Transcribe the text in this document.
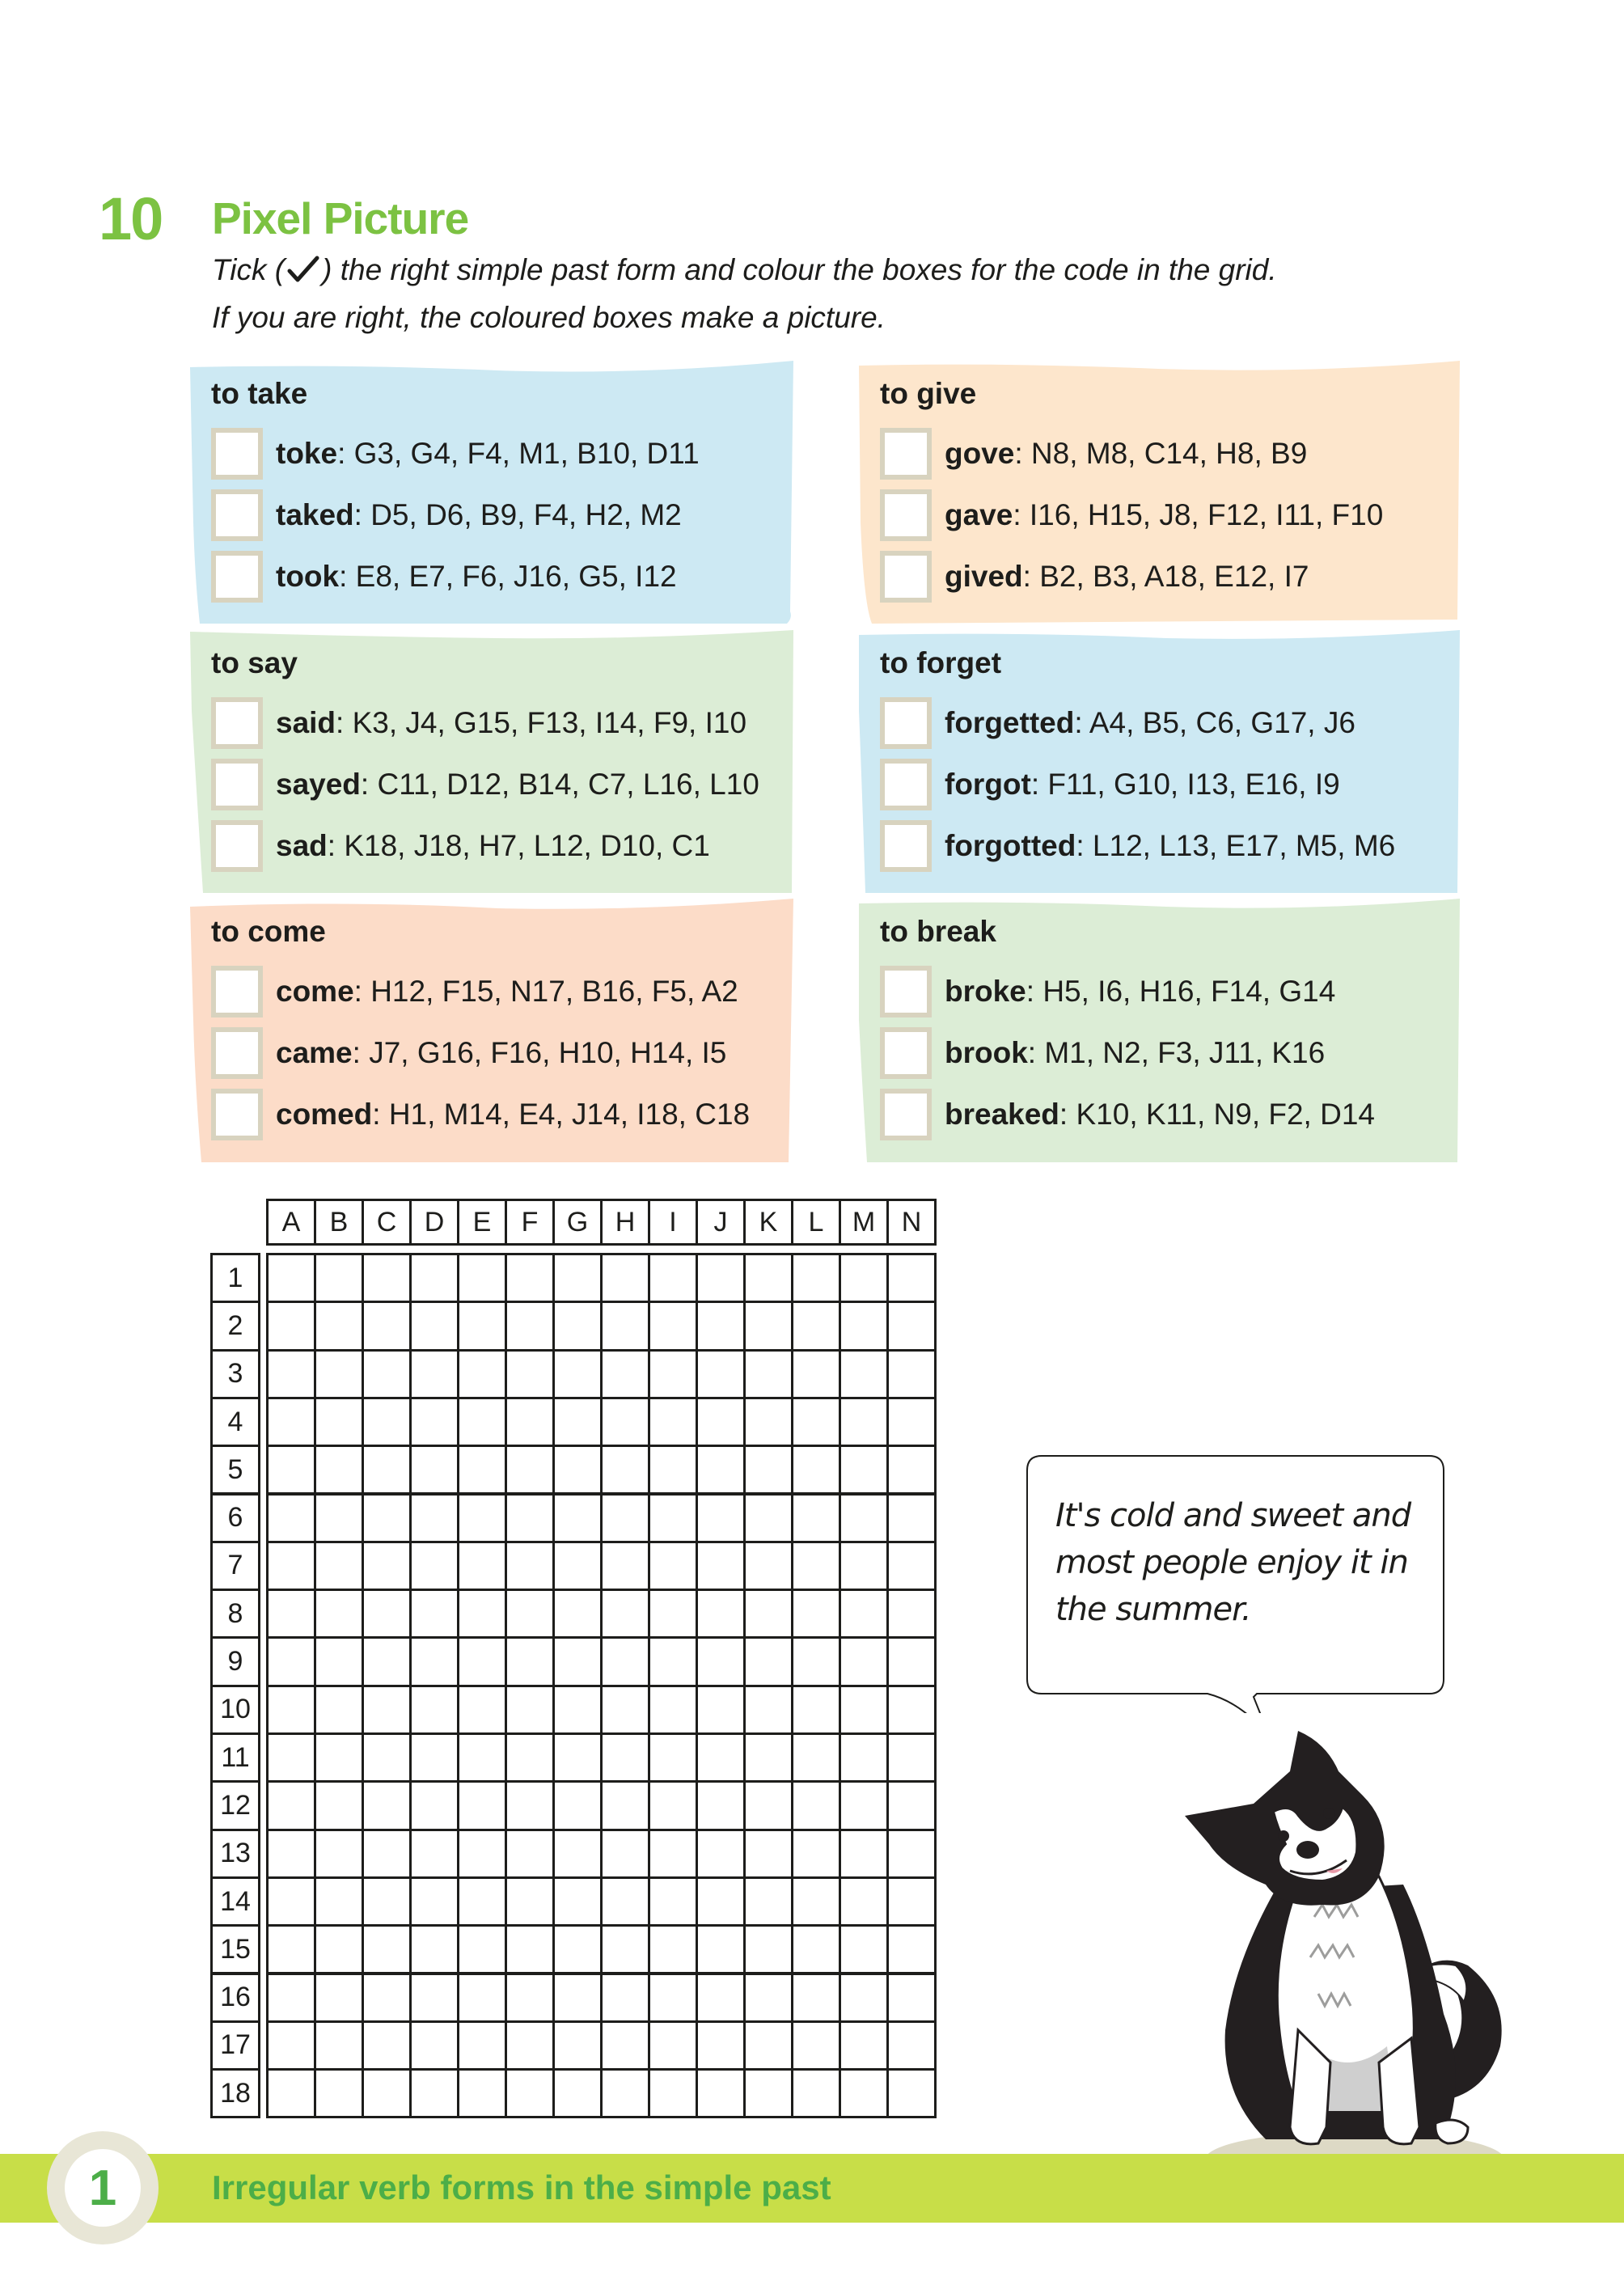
10 Pixel Picture
Tick ( ) the right simple past form and colour the boxes for the code in the grid.
If you are right, the coloured boxes make a picture.
to take
toke: G3, G4, F4, M1, B10, D11
taked: D5, D6, B9, F4, H2, M2
took: E8, E7, F6, J16, G5, I12
to give
gove: N8, M8, C14, H8, B9
gave: I16, H15, J8, F12, I11, F10
gived: B2, B3, A18, E12, I7
to say
said: K3, J4, G15, F13, I14, F9, I10
sayed: C11, D12, B14, C7, L16, L10
sad: K18, J18, H7, L12, D10, C1
to forget
forgetted: A4, B5, C6, G17, J6
forgot: F11, G10, I13, E16, I9
forgotted: L12, L13, E17, M5, M6
to come
come: H12, F15, N17, B16, F5, A2
came: J7, G16, F16, H10, H14, I5
comed: H1, M14, E4, J14, I18, C18
to break
broke: H5, I6, H16, F14, G14
brook: M1, N2, F3, J11, K16
breaked: K10, K11, N9, F2, D14
A	B	C	D	E	F	G H	I	J	K	L	M N
1
2
3
4
5
6
7
8
9
10
11
12
13
14
15
16
17
18
It's cold and sweet and most people enjoy it in the summer.
1	Irregular verb forms in the simple past
